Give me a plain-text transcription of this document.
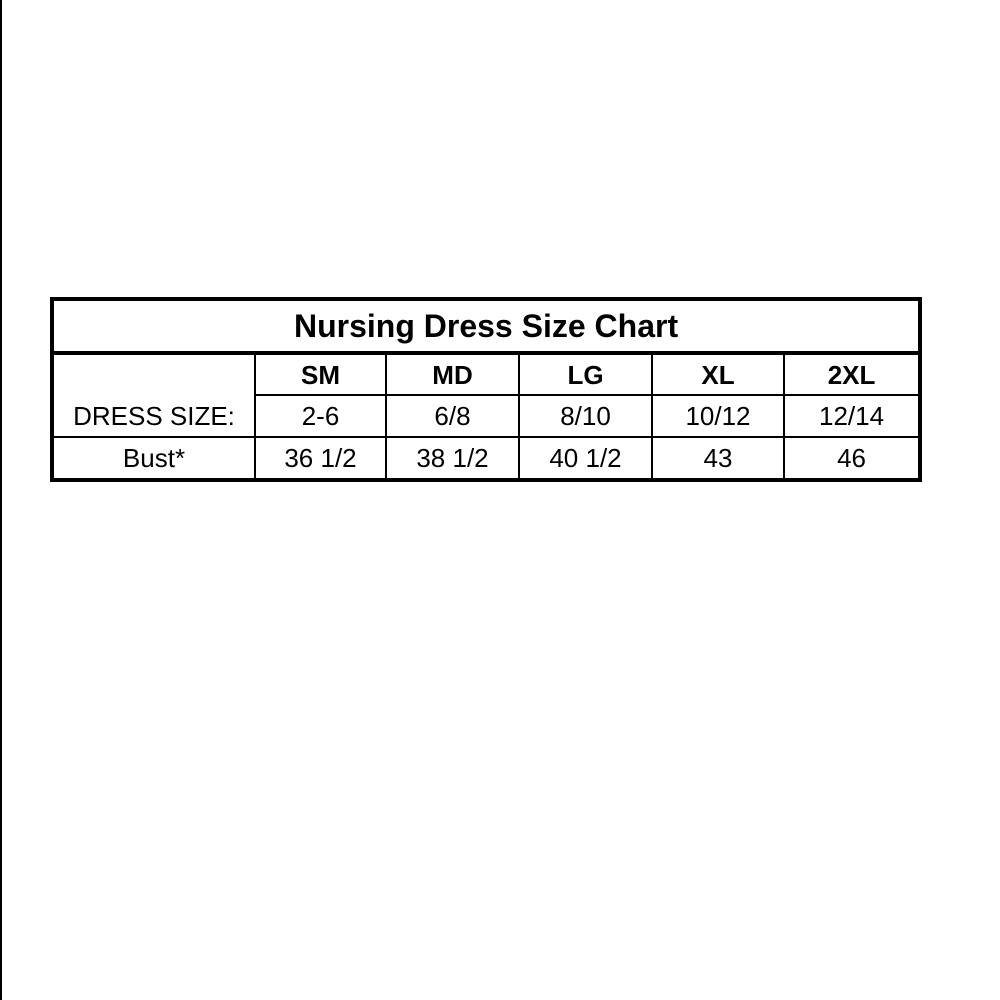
Nursing Dress Size Chart					
	SM	MD	LG	XL	2XL
DRESS SIZE:	2-6	6/8	8/10	10/12	12/14
Bust*	36 1/2	38 1/2	40 1/2	43	46
